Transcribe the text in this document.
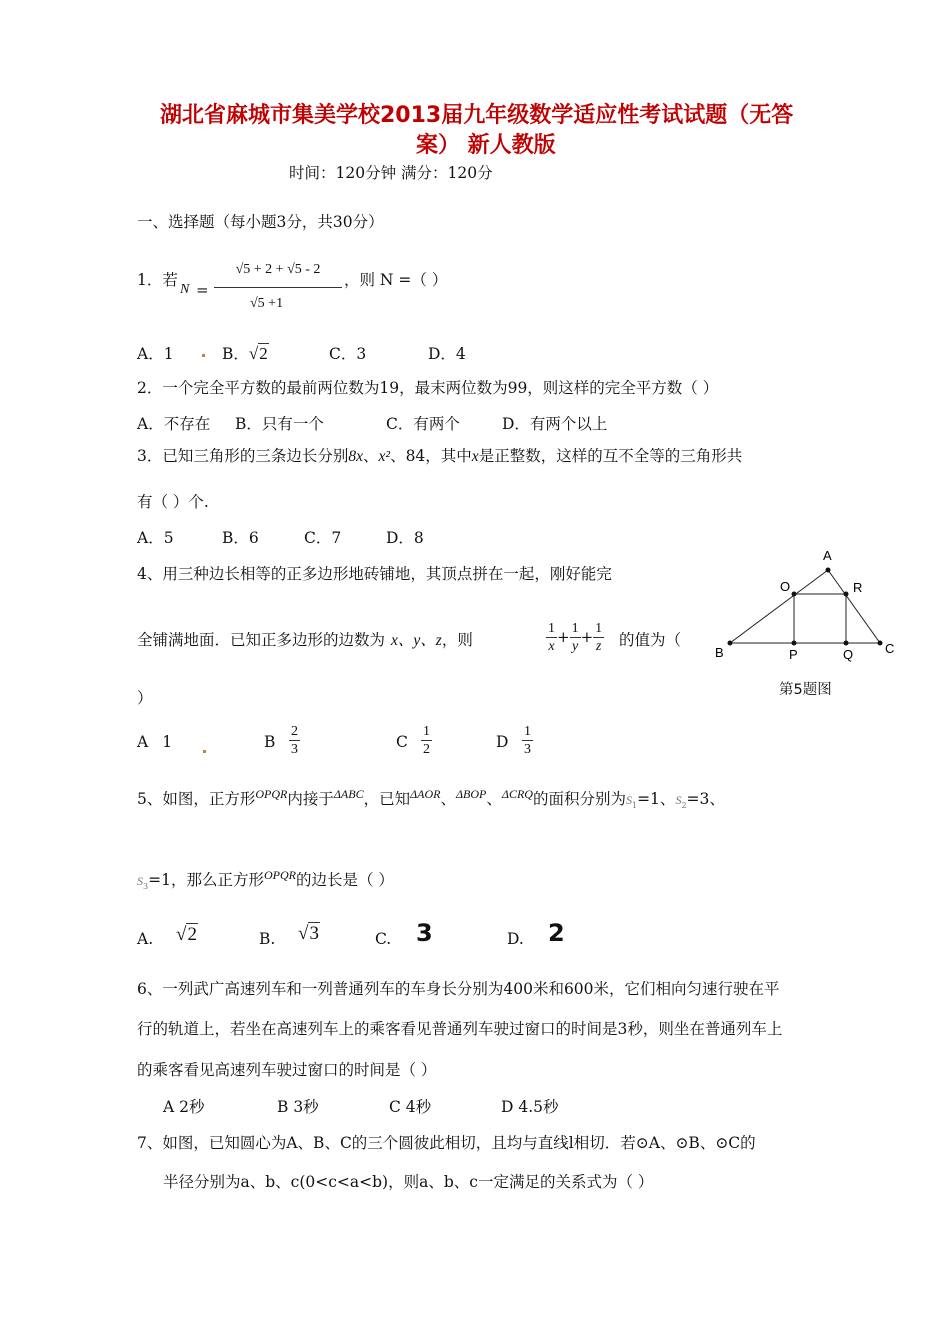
湖北省麻城市集美学校2013届九年级数学适应性考试试题（无答
案） 新人教版
时间：120分钟 满分：120分
一、选择题（每小题3分，共30分）
1．若
N =
√5 + 2 + √5 - 2
√5 +1
，则 N =（ ）
A．1	B．√2	C．3	D．4
2．一个完全平方数的最前两位数为19，最末两位数为99，则这样的完全平方数（ ）
A．不存在 B．只有一个	C．有两个	D．有两个以上
3．已知三角形的三条边长分别8x、x²、84，其中x是正整数，这样的互不全等的三角形共
有（ ）个.
A．5	B．6	C．7	D．8
4、用三种边长相等的正多边形地砖铺地，其顶点拼在一起，刚好能完
全铺满地面．已知正多边形的边数为 x、y、z，则	$\frac{1}{x} + \frac{1}{y} + \frac{1}{z}$ 的值为（
）
A 1	B $\frac{2}{3}$	C $\frac{1}{2}$	D $\frac{1}{3}$
A
O	R
B	P	Q C
第5题图
5、如图，正方形$^{OPQR}$内接于$^{\Delta ABC}$，已知$^{\Delta AOR}$、$^{\Delta BOP}$、$^{\Delta CRQ}$的面积分别为$S_1=1$、$S_2=3$、
$S_3=1$，那么正方形$^{OPQR}$的边长是（ ）
A. √2	B. √3	C. 3	D. 2
6、一列武广高速列车和一列普通列车的车身长分别为400米和600米，它们相向匀速行驶在平
行的轨道上，若坐在高速列车上的乘客看见普通列车驶过窗口的时间是3秒，则坐在普通列车上
的乘客看见高速列车驶过窗口的时间是（ ）
A 2秒	B 3秒	C 4秒	D 4.5秒
7、如图，已知圆心为A、B、C的三个圆彼此相切，且均与直线l相切．若⊙A、⊙B、⊙C的
半径分别为a、b、c(0<c<a<b)，则a、b、c一定满足的关系式为（ ）
